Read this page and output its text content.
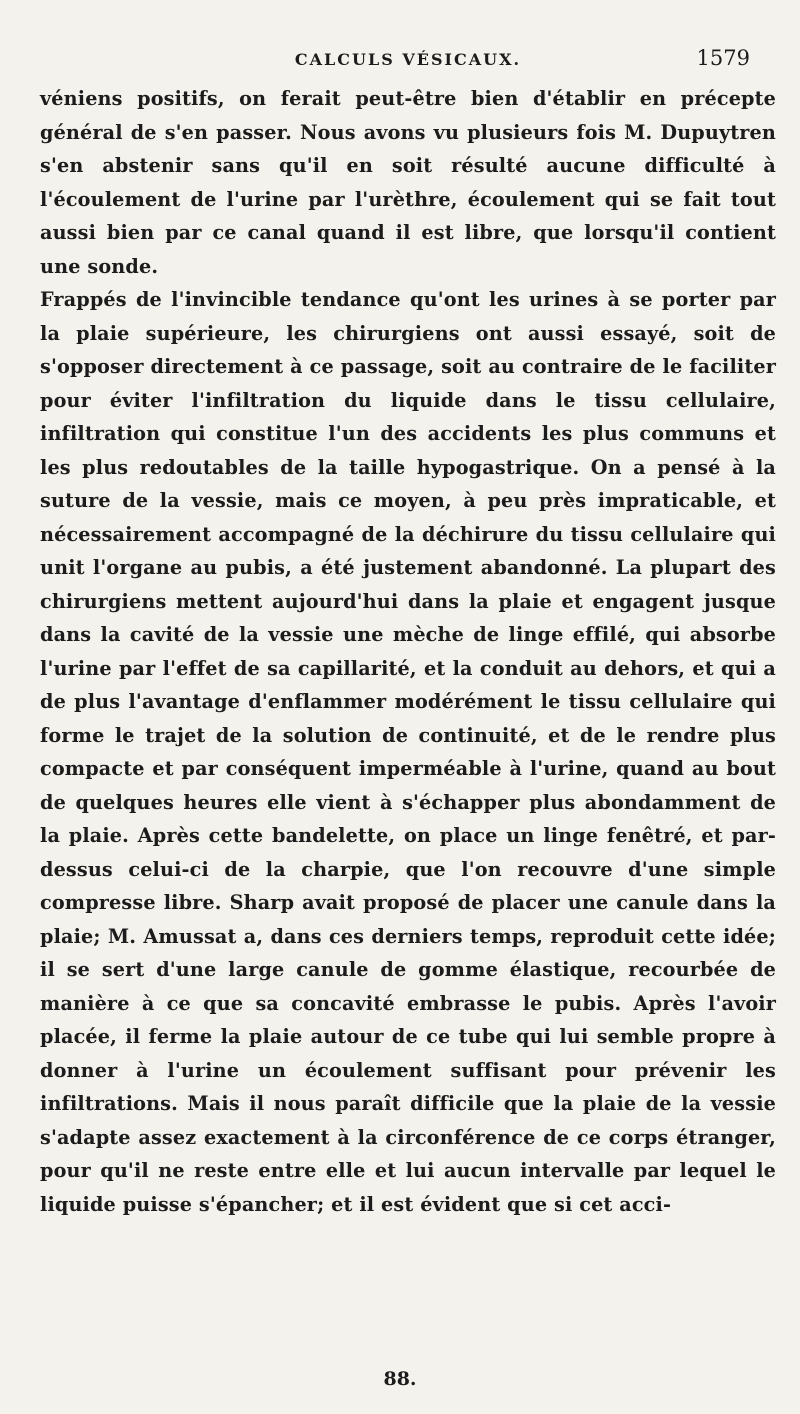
CALCULS VÉSICAUX.	1579

véniens positifs, on ferait peut-être bien d'établir en précepte général de s'en passer. Nous avons vu plusieurs fois M. Dupuytren s'en abstenir sans qu'il en soit résulté aucune difficulté à l'écoulement de l'urine par l'urèthre, écoulement qui se fait tout aussi bien par ce canal quand il est libre, que lorsqu'il contient une sonde.

Frappés de l'invincible tendance qu'ont les urines à se porter par la plaie supérieure, les chirurgiens ont aussi essayé, soit de s'opposer directement à ce passage, soit au contraire de le faciliter pour éviter l'infiltration du liquide dans le tissu cellulaire, infiltration qui constitue l'un des accidents les plus communs et les plus redoutables de la taille hypogastrique. On a pensé à la suture de la vessie, mais ce moyen, à peu près impraticable, et nécessairement accompagné de la déchirure du tissu cellulaire qui unit l'organe au pubis, a été justement abandonné. La plupart des chirurgiens mettent aujourd'hui dans la plaie et engagent jusque dans la cavité de la vessie une mèche de linge effilé, qui absorbe l'urine par l'effet de sa capillarité, et la conduit au dehors, et qui a de plus l'avantage d'enflammer modérément le tissu cellulaire qui forme le trajet de la solution de continuité, et de le rendre plus compacte et par conséquent imperméable à l'urine, quand au bout de quelques heures elle vient à s'échapper plus abondamment de la plaie. Après cette bandelette, on place un linge fenêtré, et par-dessus celui-ci de la charpie, que l'on recouvre d'une simple compresse libre. Sharp avait proposé de placer une canule dans la plaie; M. Amussat a, dans ces derniers temps, reproduit cette idée; il se sert d'une large canule de gomme élastique, recourbée de manière à ce que sa concavité embrasse le pubis. Après l'avoir placée, il ferme la plaie autour de ce tube qui lui semble propre à donner à l'urine un écoulement suffisant pour prévenir les infiltrations. Mais il nous paraît difficile que la plaie de la vessie s'adapte assez exactement à la circonférence de ce corps étranger, pour qu'il ne reste entre elle et lui aucun intervalle par lequel le liquide puisse s'épancher; et il est évident que si cet acci-

88.
